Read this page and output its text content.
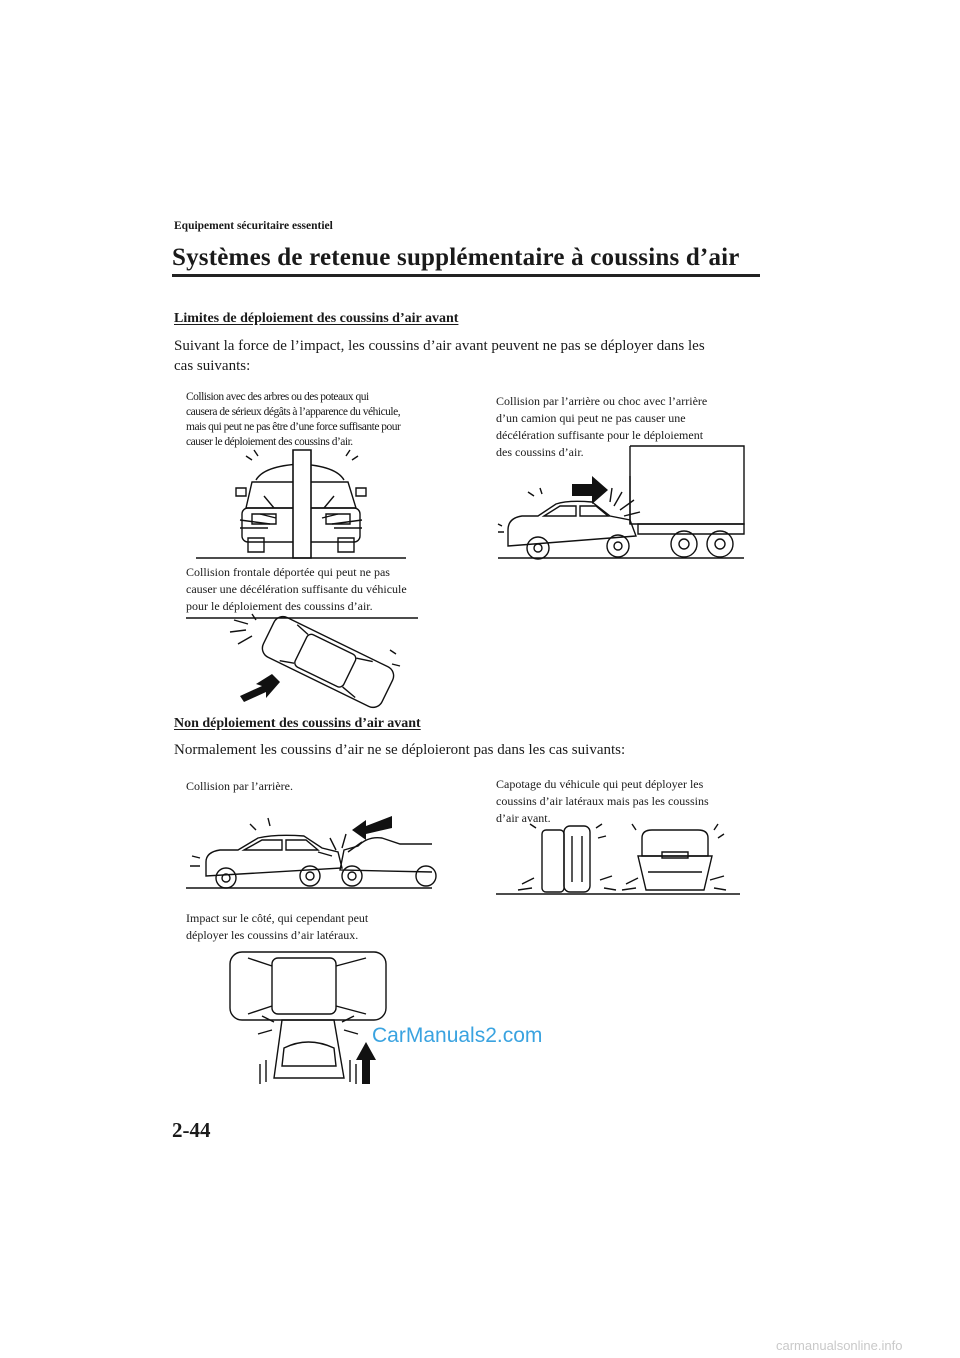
Equipement sécuritaire essentiel
Systèmes de retenue supplémentaire à coussins d’air
Limites de déploiement des coussins d’air avant
Suivant la force de l’impact, les coussins d’air avant peuvent ne pas se déployer dans les
cas suivants:
Collision avec des arbres ou des poteaux qui
causera de sérieux dégâts à l’apparence du véhicule,
mais qui peut ne pas être d’une force suffisante pour
causer le déploiement des coussins d’air.
Collision par l’arrière ou choc avec l’arrière
d’un camion qui peut ne pas causer une
décélération suffisante pour le déploiement
des coussins d’air.
Collision frontale déportée qui peut ne pas
causer une décélération suffisante du véhicule
pour le déploiement des coussins d’air.
Non déploiement des coussins d’air avant
Normalement les coussins d’air ne se déploieront pas dans les cas suivants:
Collision par l’arrière.	Capotage du véhicule qui peut déployer les
coussins d’air latéraux mais pas les coussins
d’air avant.
Impact sur le côté, qui cependant peut
déployer les coussins d’air latéraux.
CarManuals2.com
2-44
carmanualsonline.info
